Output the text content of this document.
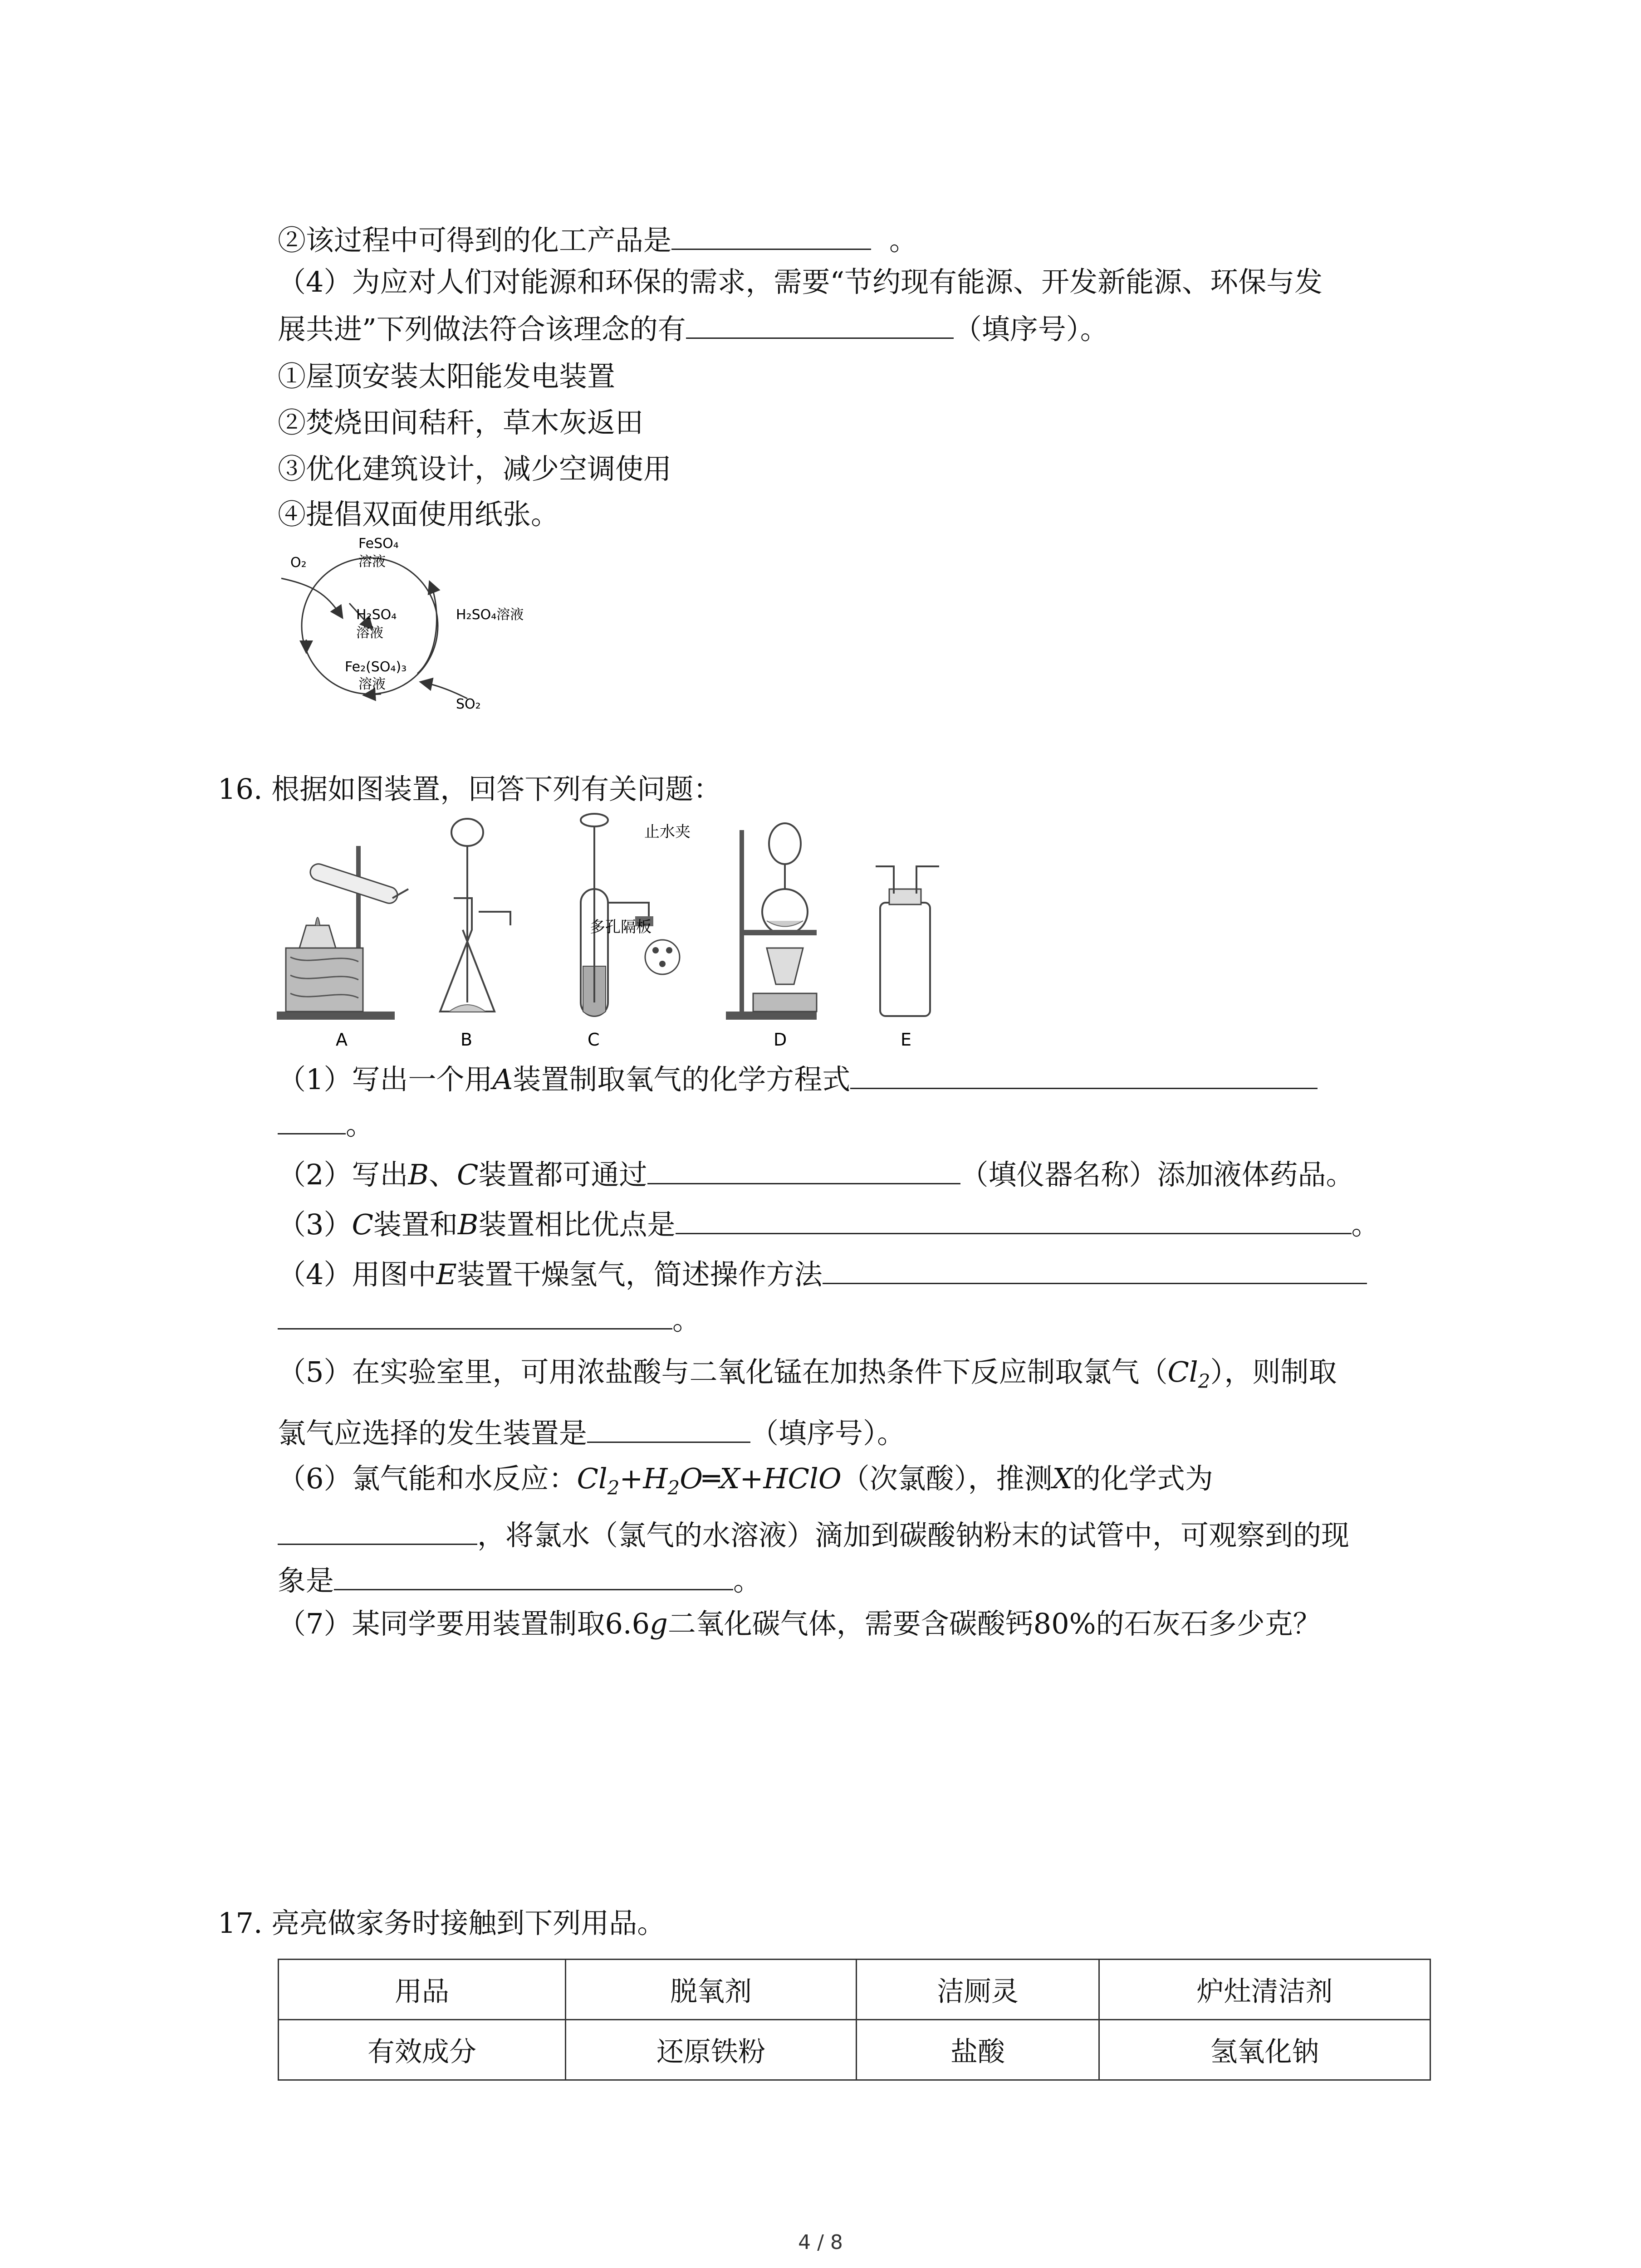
②该过程中可得到的化工产品是	。
（4）为应对人们对能源和环保的需求，需要“节约现有能源、开发新能源、环保与发
展共进”下列做法符合该理念的有	（填序号）。
①屋顶安装太阳能发电装置
②焚烧田间秸秆，草木灰返田
③优化建筑设计，减少空调使用
④提倡双面使用纸张。
O₂
FeSO₄
溶液
H₂SO₄
溶液
H₂SO₄溶液
Fe₂(SO₄)₃
溶液
SO₂
16. 根据如图装置，回答下列有关问题：
止水夹
多孔隔板
A	B	C	D	E
（1）写出一个用A装置制取氧气的化学方程式
。
（2）写出B、C装置都可通过	（填仪器名称）添加液体药品。
（3）C装置和B装置相比优点是	。
（4）用图中E装置干燥氢气，简述操作方法
。
（5）在实验室里，可用浓盐酸与二氧化锰在加热条件下反应制取氯气$(Cl_2)$，则制取
氯气应选择的发生装置是	（填序号）。
（6）氯气能和水反应：$Cl_2+H_2O═X+HClO$（次氯酸），推测X的化学式为
，将氯水（氯气的水溶液）滴加到碳酸钠粉末的试管中，可观察到的现
象是	。
（7）某同学要用装置制取6.6g二氧化碳气体，需要含碳酸钙80%的石灰石多少克？
17. 亮亮做家务时接触到下列用品。
用品	脱氧剂	洁厕灵	炉灶清洁剂
有效成分	还原铁粉	盐酸	氢氧化钠
4 / 8
